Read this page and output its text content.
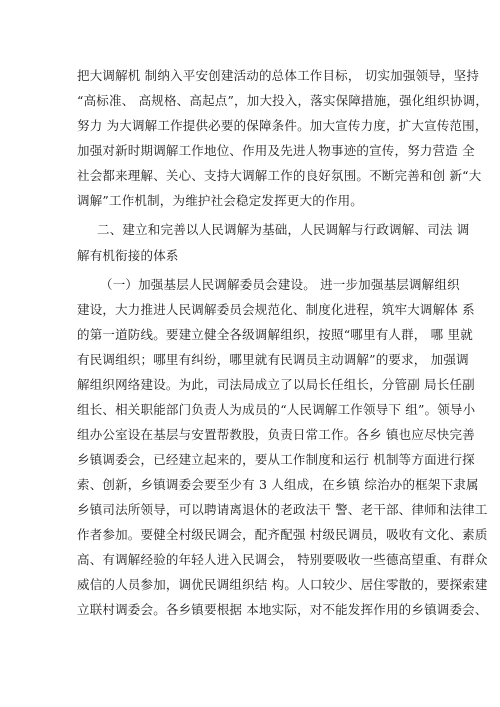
把大调解机 制纳入平安创建活动的总体工作目标， 切实加强领导，坚持
“高标准、 高规格、高起点”，加大投入，落实保障措施，强化组织协调，
努力 为大调解工作提供必要的保障条件。加大宣传力度，扩大宣传范围，
加强对新时期调解工作地位、作用及先进人物事迹的宣传，努力营造 全
社会都来理解、关心、支持大调解工作的良好氛围。不断完善和创 新“大
调解”工作机制，为维护社会稳定发挥更大的作用。
二、建立和完善以人民调解为基础，人民调解与行政调解、司法 调
解有机衔接的体系
（一）加强基层人民调解委员会建设。 进一步加强基层调解组织
建设，大力推进人民调解委员会规范化、制度化进程，筑牢大调解体 系
的第一道防线。要建立健全各级调解组织，按照“哪里有人群， 哪 里就
有民调组织；哪里有纠纷，哪里就有民调员主动调解”的要求， 加强调
解组织网络建设。为此，司法局成立了以局长任组长，分管副 局长任副
组长、相关职能部门负责人为成员的“人民调解工作领导下 组”。领导小
组办公室设在基层与安置帮教股，负责日常工作。各乡 镇也应尽快完善
乡镇调委会，已经建立起来的，要从工作制度和运行 机制等方面进行探
索、创新，乡镇调委会要至少有 3 人组成，在乡镇 综治办的框架下隶属
乡镇司法所领导，可以聘请离退休的老政法干 警、老干部、律师和法律工
作者参加。要健全村级民调会，配齐配强 村级民调员，吸收有文化、素质
高、有调解经验的年轻人进入民调会， 特别要吸收一些德高望重、有群众
威信的人员参加，调优民调组织结 构。人口较少、居住零散的，要探索建
立联村调委会。各乡镇要根据 本地实际，对不能发挥作用的乡镇调委会、
